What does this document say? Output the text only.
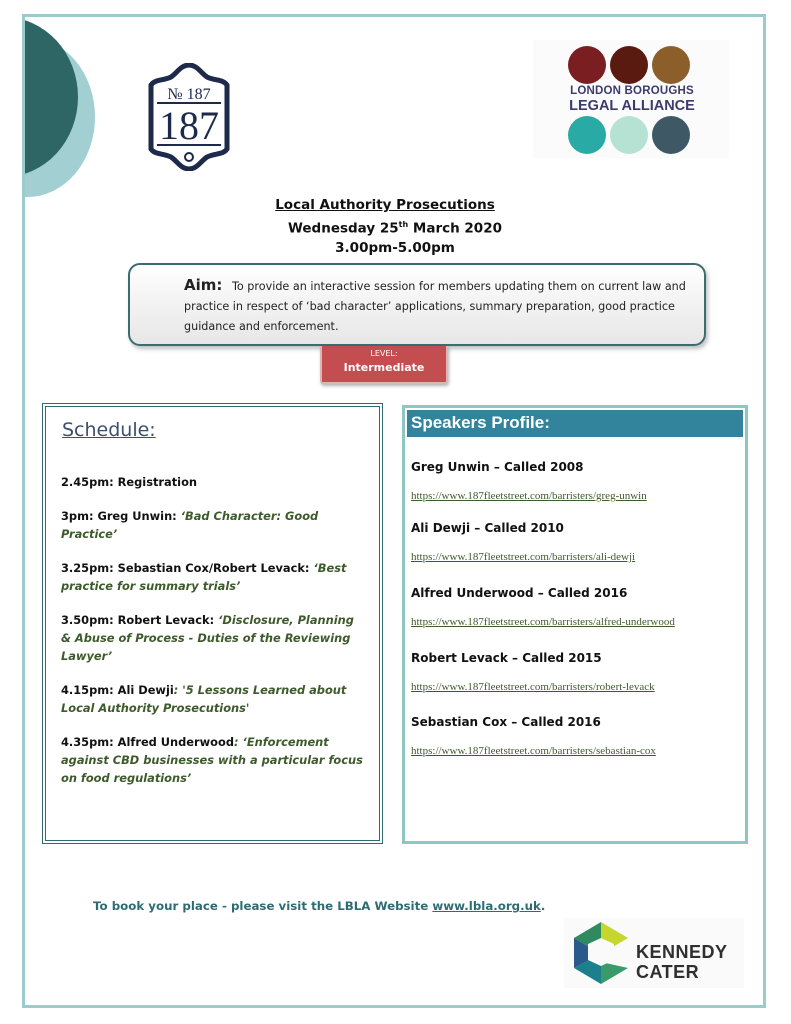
№ 187
187
LONDON BOROUGHS
LEGAL ALLIANCE
Local Authority Prosecutions
Wednesday 25th March 2020
3.00pm-5.00pm
Aim: To provide an interactive session for members updating them on current law and practice in respect of ‘bad character’ applications, summary preparation, good practice guidance and enforcement.
LEVEL:
Intermediate
Schedule:
2.45pm: Registration
3pm: Greg Unwin: ‘Bad Character: Good Practice’
3.25pm: Sebastian Cox/Robert Levack: ‘Best practice for summary trials’
3.50pm: Robert Levack: ‘Disclosure, Planning & Abuse of Process - Duties of the Reviewing Lawyer’
4.15pm: Ali Dewji: '5 Lessons Learned about Local Authority Prosecutions'
4.35pm: Alfred Underwood: ‘Enforcement against CBD businesses with a particular focus on food regulations’
Speakers Profile:
Greg Unwin – Called 2008
https://www.187fleetstreet.com/barristers/greg-unwin
Ali Dewji – Called 2010
https://www.187fleetstreet.com/barristers/ali-dewji
Alfred Underwood – Called 2016
https://www.187fleetstreet.com/barristers/alfred-underwood
Robert Levack – Called 2015
https://www.187fleetstreet.com/barristers/robert-levack
Sebastian Cox – Called 2016
https://www.187fleetstreet.com/barristers/sebastian-cox
To book your place - please visit the LBLA Website www.lbla.org.uk.
KENNEDY
CATER
